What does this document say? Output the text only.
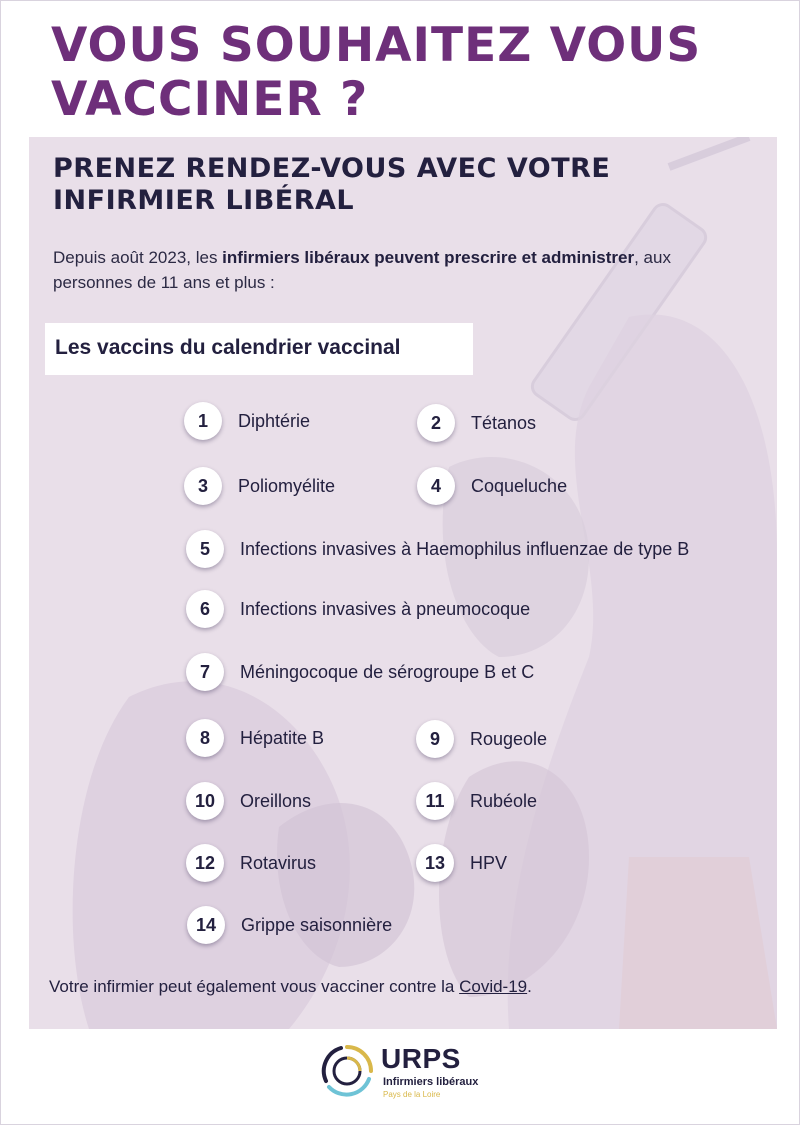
VOUS SOUHAITEZ VOUS VACCINER ?
PRENEZ RENDEZ-VOUS AVEC VOTRE INFIRMIER LIBÉRAL

Depuis août 2023, les infirmiers libéraux peuvent prescrire et administrer, aux personnes de 11 ans et plus :

Les vaccins du calendrier vaccinal
1	Diphtérie	2	Tétanos
3	Poliomyélite	4	Coqueluche
5	Infections invasives à Haemophilus influenzae de type B
6	Infections invasives à pneumocoque
7	Méningocoque de sérogroupe B et C
8	Hépatite B	9	Rougeole
10	Oreillons	11	Rubéole
12	Rotavirus	13	HPV
14	Grippe saisonnière

Votre infirmier peut également vous vacciner contre la Covid-19.

URPS
Infirmiers libéraux
Pays de la Loire
